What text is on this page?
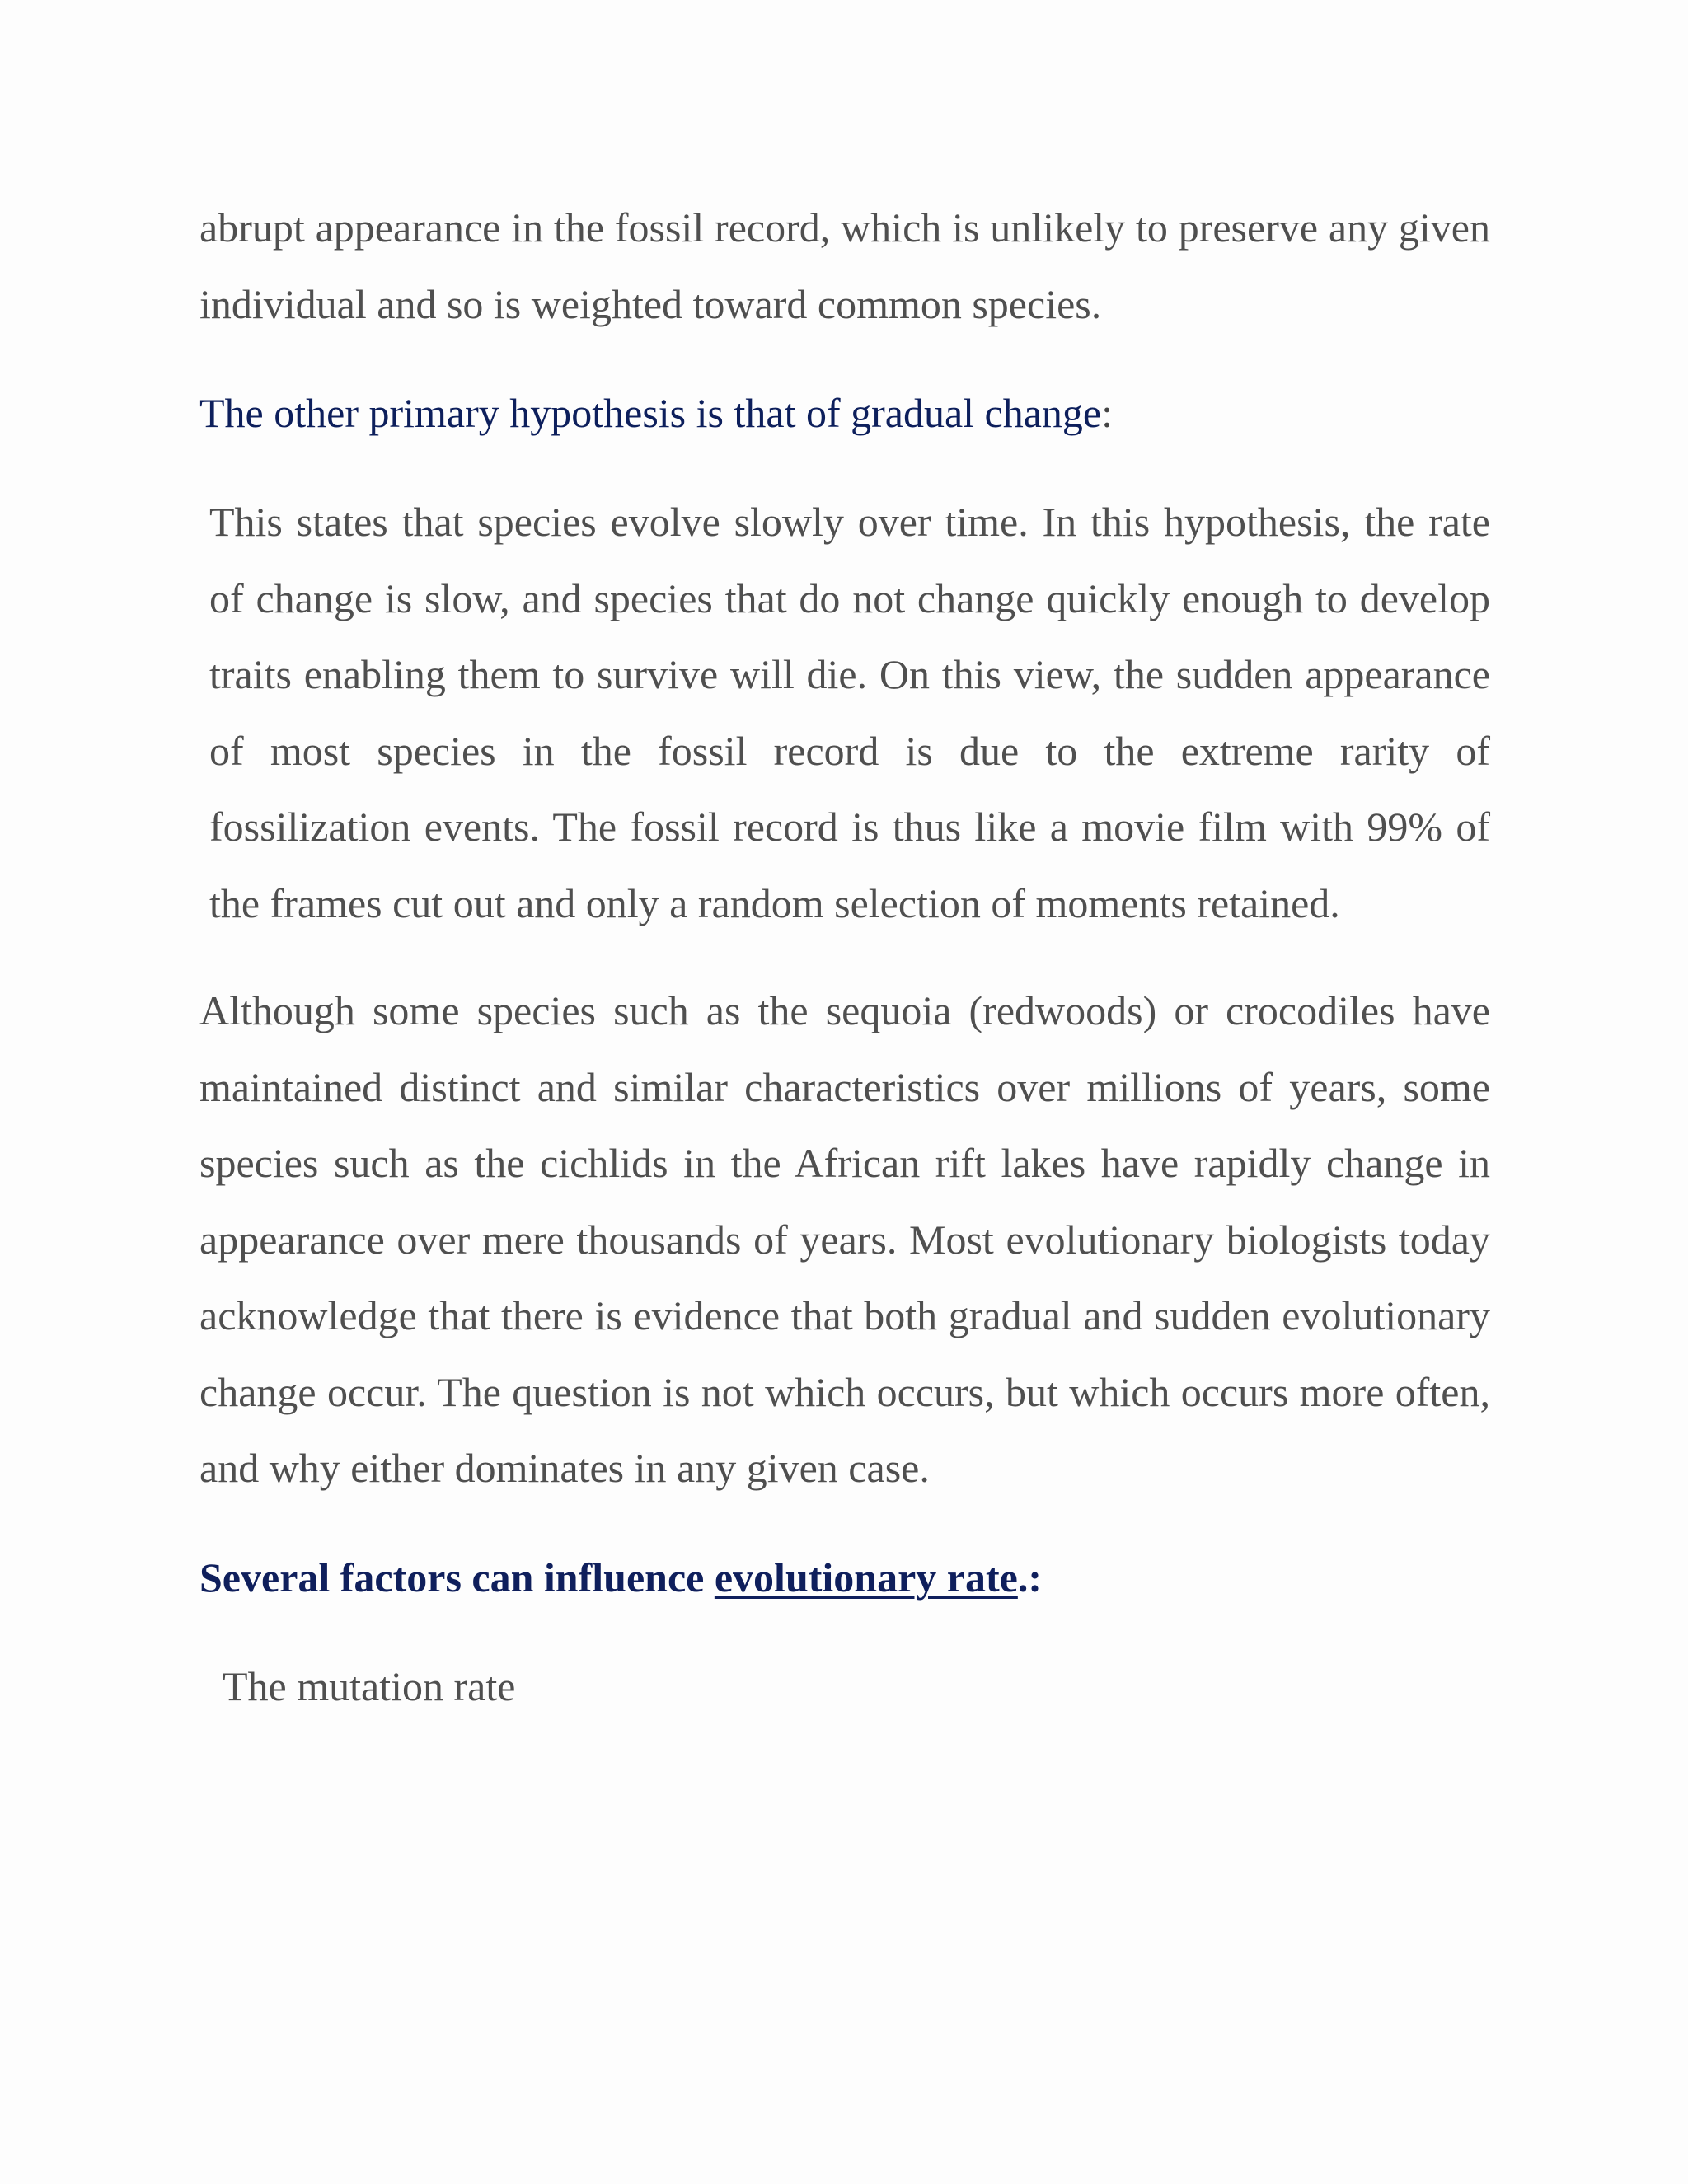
abrupt appearance in the fossil record, which is unlikely to preserve any given individual and so is weighted toward common species.

The other primary hypothesis is that of gradual change:

This states that species evolve slowly over time. In this hypothesis, the rate of change is slow, and species that do not change quickly enough to develop traits enabling them to survive will die. On this view, the sudden appearance of most species in the fossil record is due to the extreme rarity of fossilization events. The fossil record is thus like a movie film with 99% of the frames cut out and only a random selection of moments retained.

Although some species such as the sequoia (redwoods) or crocodiles have maintained distinct and similar characteristics over millions of years, some species such as the cichlids in the African rift lakes have rapidly change in appearance over mere thousands of years. Most evolutionary biologists today acknowledge that there is evidence that both gradual and sudden evolutionary change occur. The question is not which occurs, but which occurs more often, and why either dominates in any given case.

Several factors can influence evolutionary rate.:

The mutation rate
